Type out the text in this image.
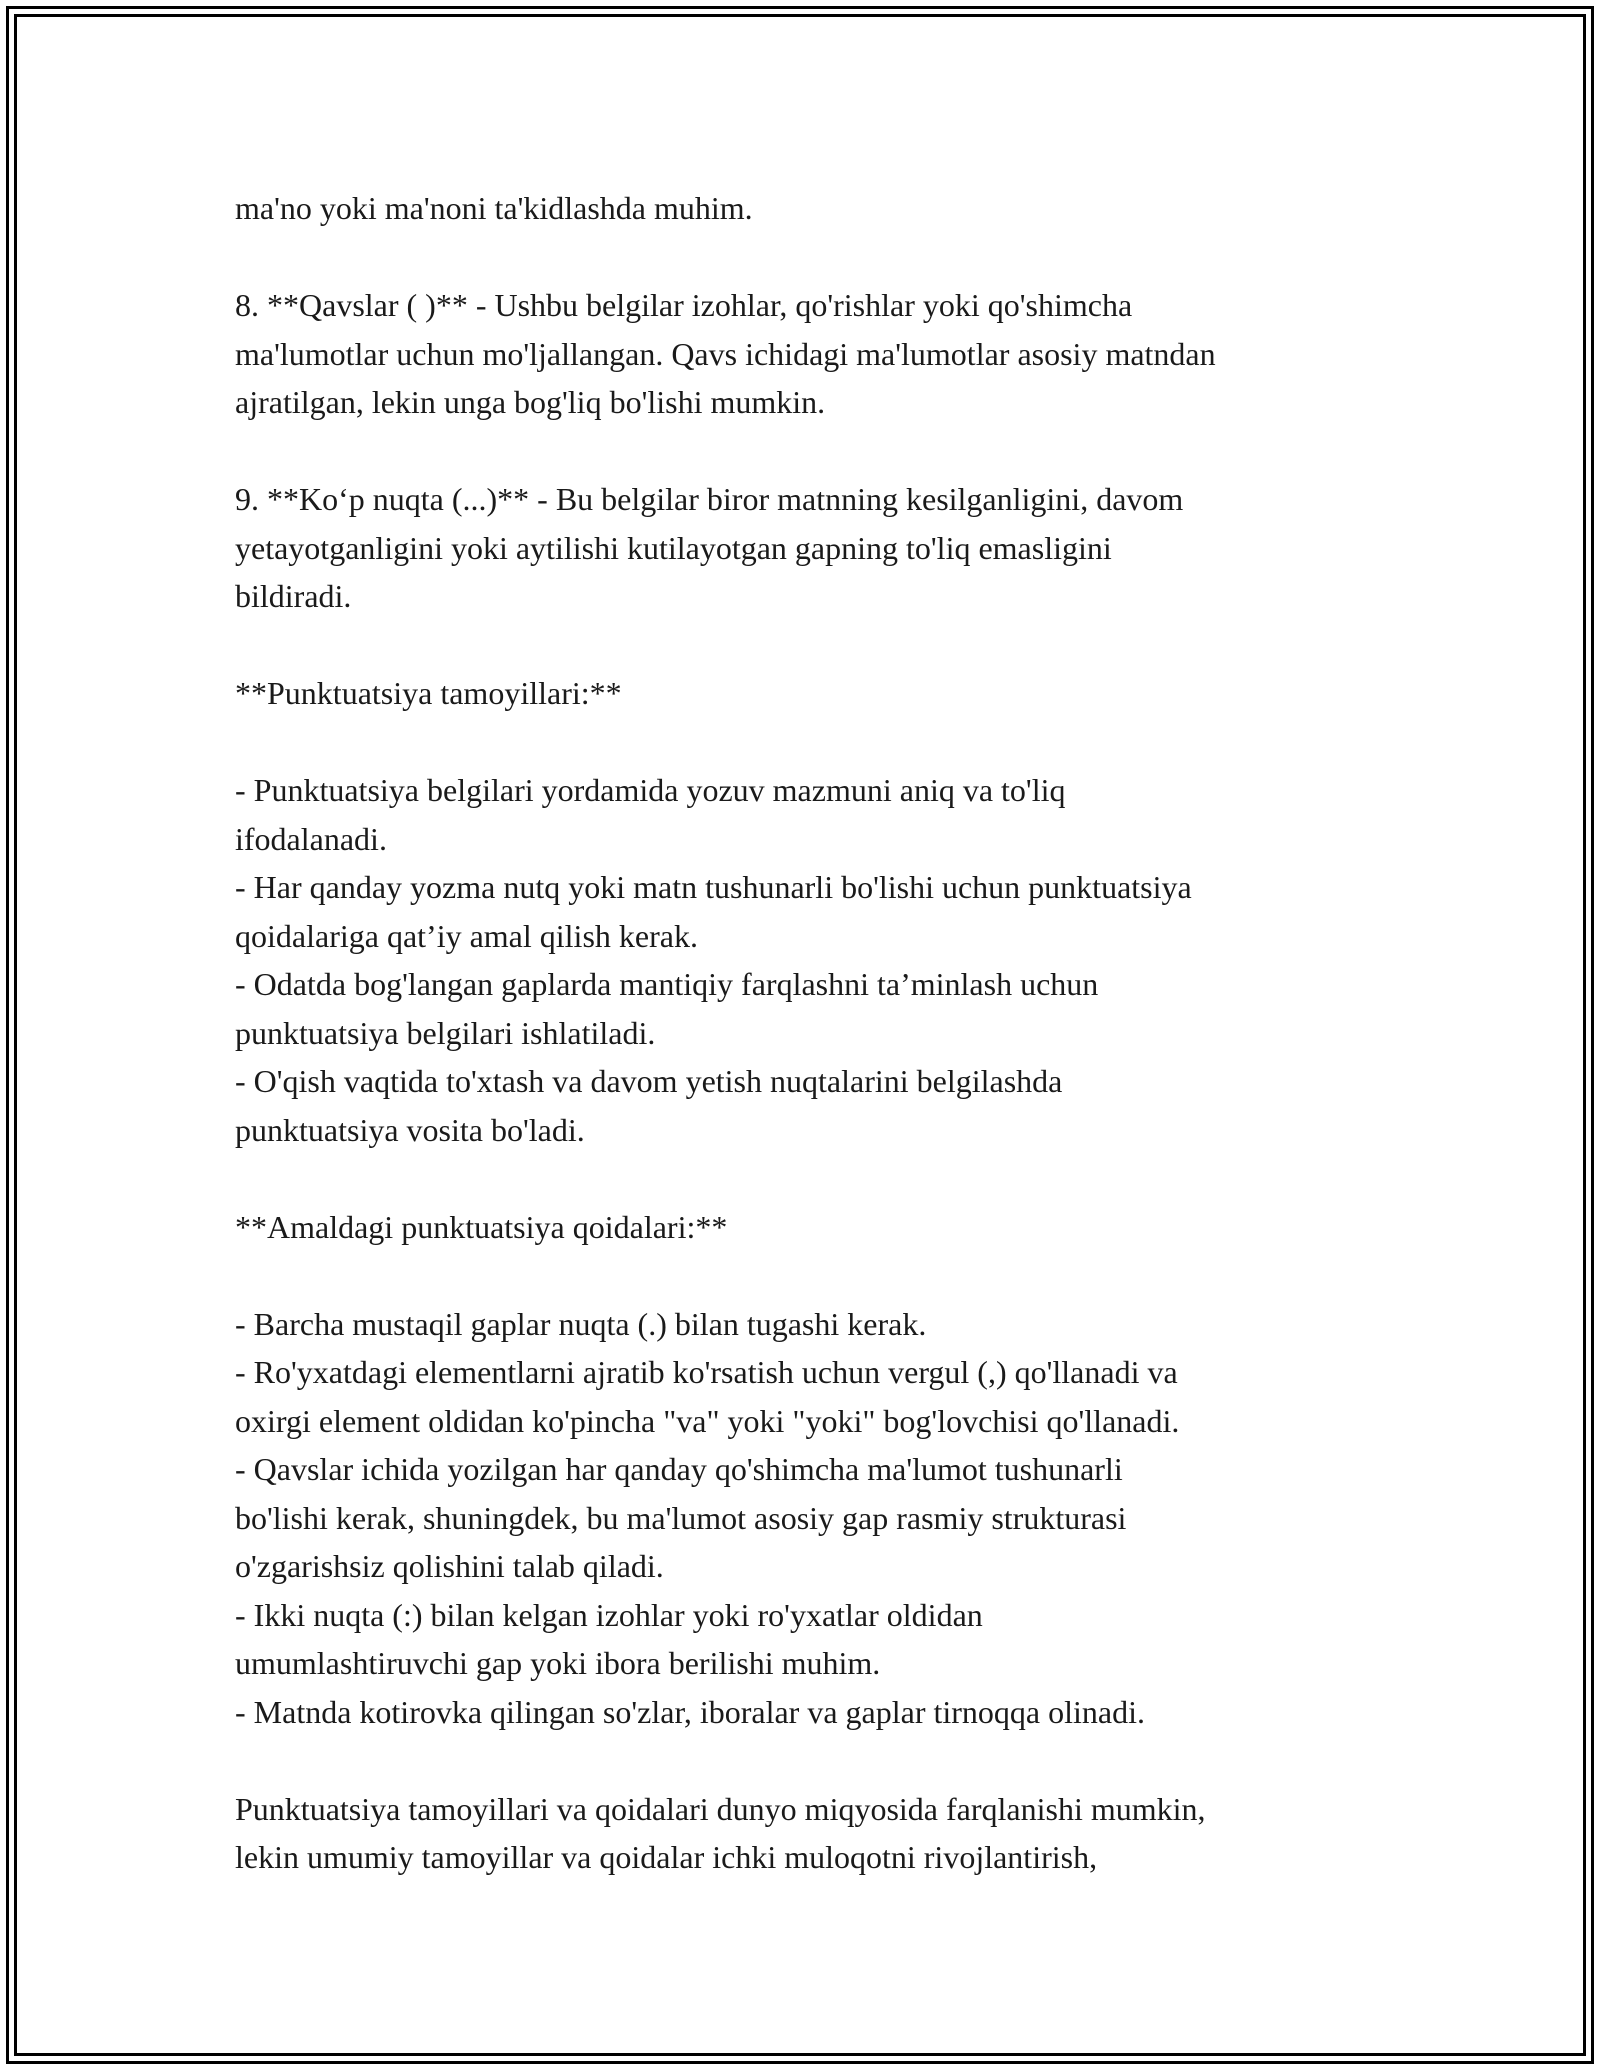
ma'no yoki ma'noni ta'kidlashda muhim.

8. **Qavslar ( )** - Ushbu belgilar izohlar, qo'rishlar yoki qo'shimcha
ma'lumotlar uchun mo'ljallangan. Qavs ichidagi ma'lumotlar asosiy matndan
ajratilgan, lekin unga bog'liq bo'lishi mumkin.

9. **Ko‘p nuqta (...)** - Bu belgilar biror matnning kesilganligini, davom
yetayotganligini yoki aytilishi kutilayotgan gapning to'liq emasligini
bildiradi.

**Punktuatsiya tamoyillari:**

- Punktuatsiya belgilari yordamida yozuv mazmuni aniq va to'liq
ifodalanadi.
- Har qanday yozma nutq yoki matn tushunarli bo'lishi uchun punktuatsiya
qoidalariga qat’iy amal qilish kerak.
- Odatda bog'langan gaplarda mantiqiy farqlashni ta’minlash uchun
punktuatsiya belgilari ishlatiladi.
- O'qish vaqtida to'xtash va davom yetish nuqtalarini belgilashda
punktuatsiya vosita bo'ladi.

**Amaldagi punktuatsiya qoidalari:**

- Barcha mustaqil gaplar nuqta (.) bilan tugashi kerak.
- Ro'yxatdagi elementlarni ajratib ko'rsatish uchun vergul (,) qo'llanadi va
oxirgi element oldidan ko'pincha "va" yoki "yoki" bog'lovchisi qo'llanadi.
- Qavslar ichida yozilgan har qanday qo'shimcha ma'lumot tushunarli
bo'lishi kerak, shuningdek, bu ma'lumot asosiy gap rasmiy strukturasi
o'zgarishsiz qolishini talab qiladi.
- Ikki nuqta (:) bilan kelgan izohlar yoki ro'yxatlar oldidan
umumlashtiruvchi gap yoki ibora berilishi muhim.
- Matnda kotirovka qilingan so'zlar, iboralar va gaplar tirnoqqa olinadi.

Punktuatsiya tamoyillari va qoidalari dunyo miqyosida farqlanishi mumkin,
lekin umumiy tamoyillar va qoidalar ichki muloqotni rivojlantirish,
